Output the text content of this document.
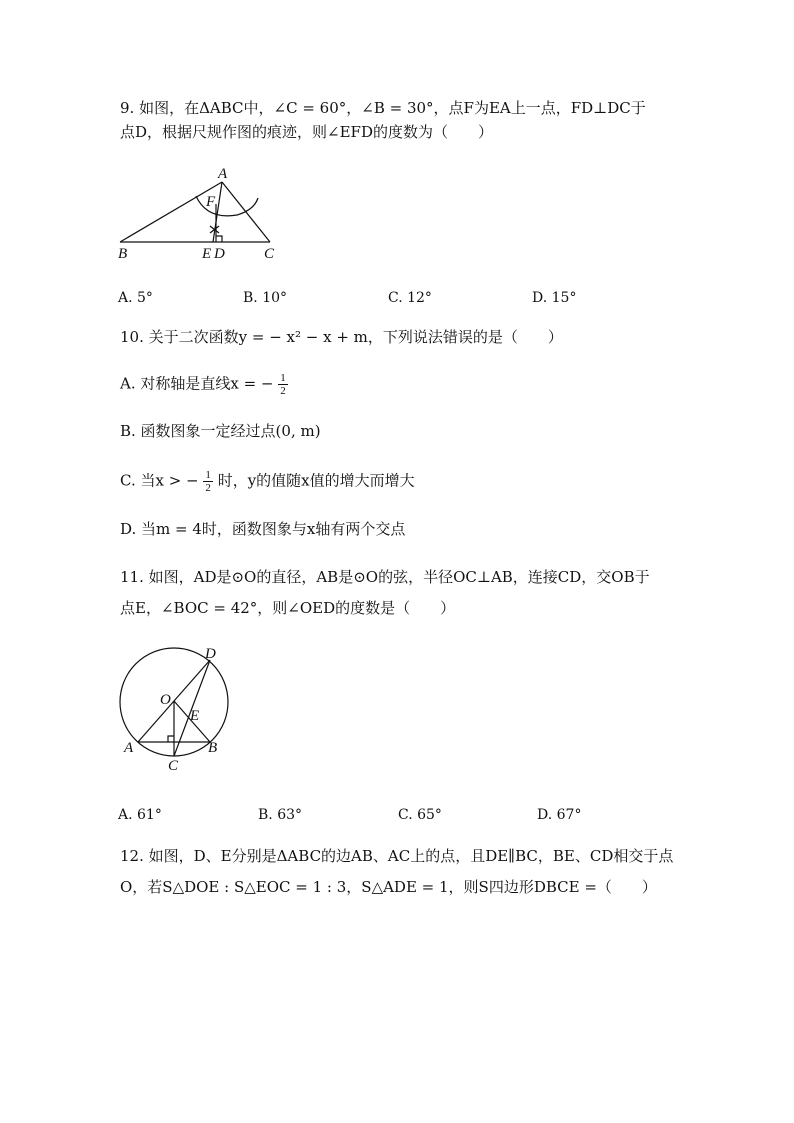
9. 如图，在ΔABC中，∠C = 60°，∠B = 30°，点F为EA上一点，FD⊥DC于
点D，根据尺规作图的痕迹，则∠EFD的度数为（　　）
A
F
B	E D	C
A. 5°	B. 10°	C. 12°	D. 15°
10. 关于二次函数y = − x² − x + m，下列说法错误的是（　　）
A. 对称轴是直线x = − $\frac{1}{2}$
B. 函数图象一定经过点(0, m)
C. 当x > − $\frac{1}{2}$ 时，y的值随x值的增大而增大
D. 当m = 4时，函数图象与x轴有两个交点
11. 如图，AD是⊙O的直径，AB是⊙O的弦，半径OC⊥AB，连接CD，交OB于
点E，∠BOC = 42°，则∠OED的度数是（　　）
D
O
E
A	B
C
A. 61°	B. 63°	C. 65°	D. 67°
12. 如图，D、E分别是ΔABC的边AB、AC上的点，且DE∥BC，BE、CD相交于点
O，若S△DOE : S△EOC = 1 : 3，S△ADE = 1，则S四边形DBCE =（　　）
